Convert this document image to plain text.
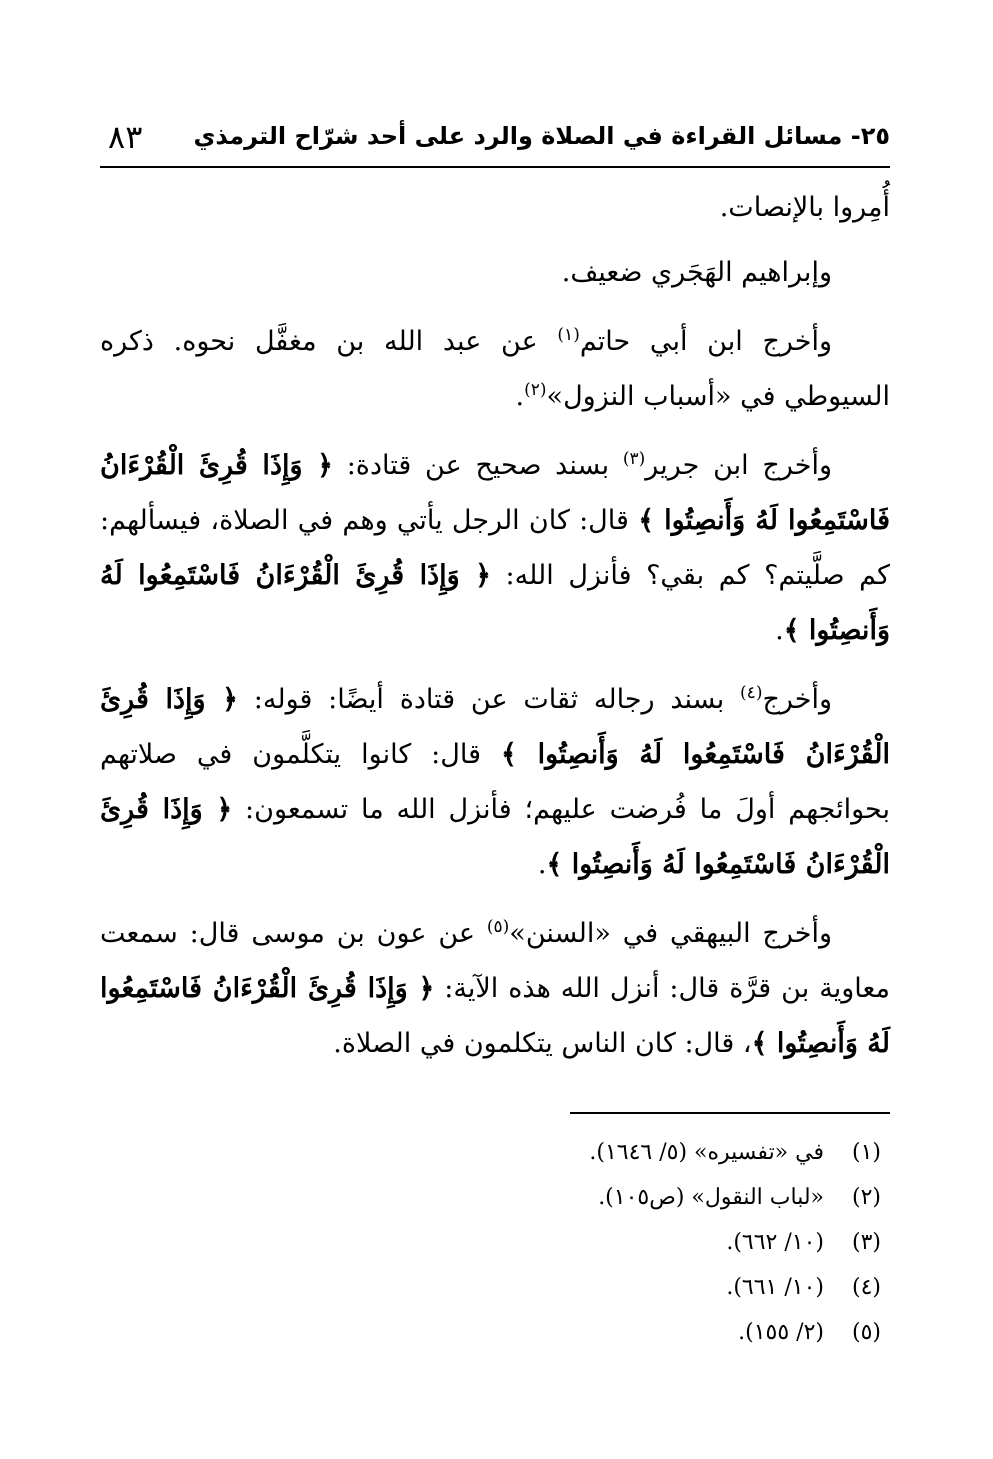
٢٥- مسائل القراءة في الصلاة والرد على أحد شرّاح الترمذي
٨٣

أُمِروا بالإنصات.

وإبراهيم الهَجَري ضعيف.

وأخرج ابن أبي حاتم$^{(١)}$ عن عبد الله بن مغفَّل نحوه. ذكره السيوطي في «أسباب النزول»$^{(٢)}$.

وأخرج ابن جرير$^{(٣)}$ بسند صحيح عن قتادة: ﴿ وَإِذَا قُرِئَ الْقُرْءَانُ فَاسْتَمِعُوا لَهُ وَأَنصِتُوا ﴾ قال: كان الرجل يأتي وهم في الصلاة، فيسألهم: كم صلَّيتم؟ كم بقي؟ فأنزل الله: ﴿ وَإِذَا قُرِئَ الْقُرْءَانُ فَاسْتَمِعُوا لَهُ وَأَنصِتُوا ﴾.

وأخرج$^{(٤)}$ بسند رجاله ثقات عن قتادة أيضًا: قوله: ﴿ وَإِذَا قُرِئَ الْقُرْءَانُ فَاسْتَمِعُوا لَهُ وَأَنصِتُوا ﴾ قال: كانوا يتكلَّمون في صلاتهم بحوائجهم أولَ ما فُرضت عليهم؛ فأنزل الله ما تسمعون: ﴿ وَإِذَا قُرِئَ الْقُرْءَانُ فَاسْتَمِعُوا لَهُ وَأَنصِتُوا ﴾.

وأخرج البيهقي في «السنن»$^{(٥)}$ عن عون بن موسى قال: سمعت معاوية بن قرَّة قال: أنزل الله هذه الآية: ﴿ وَإِذَا قُرِئَ الْقُرْءَانُ فَاسْتَمِعُوا لَهُ وَأَنصِتُوا ﴾، قال: كان الناس يتكلمون في الصلاة.

(١) في «تفسيره» (٥/ ١٦٤٦).
(٢) «لباب النقول» (ص١٠٥).
(٣) (١٠/ ٦٦٢).
(٤) (١٠/ ٦٦١).
(٥) (٢/ ١٥٥).
